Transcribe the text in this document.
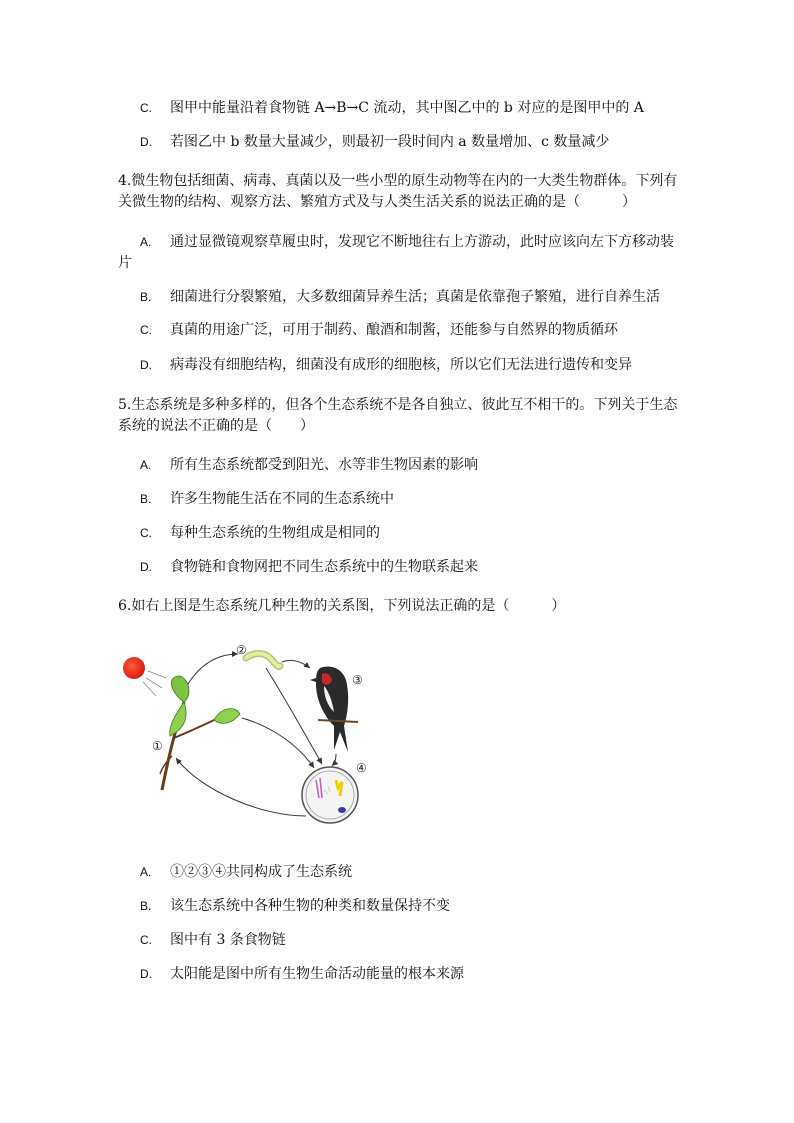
C. 图甲中能量沿着食物链 A→B→C 流动，其中图乙中的 b 对应的是图甲中的 A
D. 若图乙中 b 数量大量减少，则最初一段时间内 a 数量增加、c 数量减少
4.微生物包括细菌、病毒、真菌以及一些小型的原生动物等在内的一大类生物群体。下列有
关微生物的结构、观察方法、繁殖方式及与人类生活关系的说法正确的是（　　　）
A. 通过显微镜观察草履虫时，发现它不断地往右上方游动，此时应该向左下方移动装
片
B. 细菌进行分裂繁殖，大多数细菌异养生活；真菌是依靠孢子繁殖，进行自养生活
C. 真菌的用途广泛，可用于制药、酿酒和制酱，还能参与自然界的物质循环
D. 病毒没有细胞结构，细菌没有成形的细胞核，所以它们无法进行遗传和变异
5.生态系统是多种多样的，但各个生态系统不是各自独立、彼此互不相干的。下列关于生态
系统的说法不正确的是（　　）
A. 所有生态系统都受到阳光、水等非生物因素的影响
B. 许多生物能生活在不同的生态系统中
C. 每种生态系统的生物组成是相同的
D. 食物链和食物网把不同生态系统中的生物联系起来
6.如右上图是生态系统几种生物的关系图，下列说法正确的是（　　　）
①
②
③
④
A. ①②③④共同构成了生态系统
B. 该生态系统中各种生物的种类和数量保持不变
C. 图中有 3 条食物链
D. 太阳能是图中所有生物生命活动能量的根本来源
